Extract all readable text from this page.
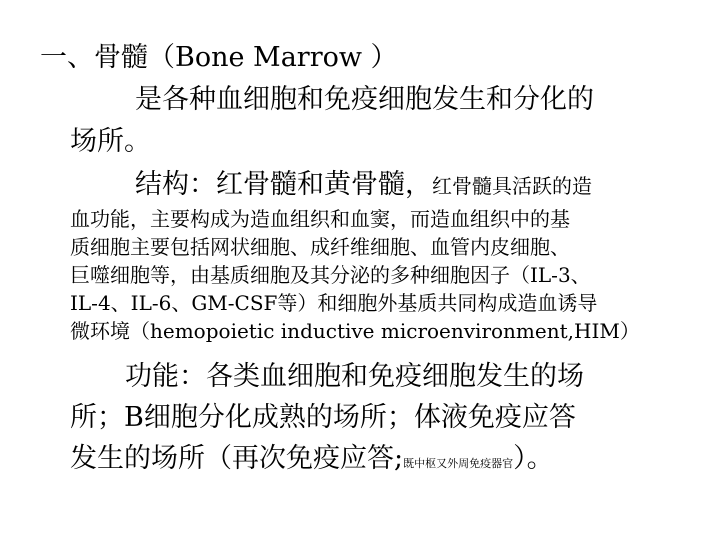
一、骨髓（Bone Marrow ）
是各种血细胞和免疫细胞发生和分化的
场所。
结构：红骨髓和黄骨髓，红骨髓具活跃的造
血功能，主要构成为造血组织和血窦，而造血组织中的基
质细胞主要包括网状细胞、成纤维细胞、血管内皮细胞、
巨噬细胞等，由基质细胞及其分泌的多种细胞因子（IL-3、
IL-4、IL-6、GM-CSF等）和细胞外基质共同构成造血诱导
微环境（hemopoietic inductive microenvironment,HIM）
功能：各类血细胞和免疫细胞发生的场
所；B细胞分化成熟的场所；体液免疫应答
发生的场所（再次免疫应答;既中枢又外周免疫器官）。
